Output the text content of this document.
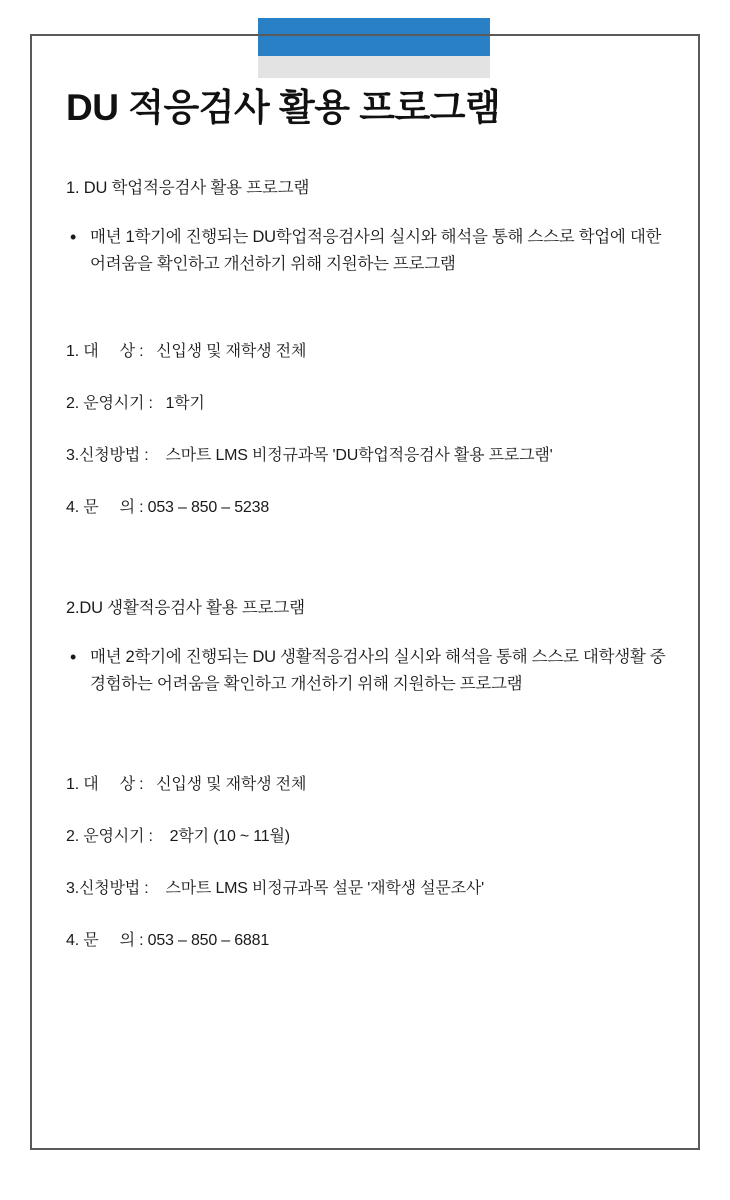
DU 적응검사 활용 프로그램

1. DU 학업적응검사 활용 프로그램

• 매년 1학기에 진행되는 DU학업적응검사의 실시와 해석을 통해 스스로 학업에 대한 어려움을 확인하고 개선하기 위해 지원하는 프로그램
1. 대     상 :   신입생 및 재학생 전체
2. 운영시기 :   1학기
3.신청방법 :    스마트 LMS 비정규과목 'DU학업적응검사 활용 프로그램'
4. 문     의 : 053 – 850 – 5238

2.DU 생활적응검사 활용 프로그램

• 매년 2학기에 진행되는 DU 생활적응검사의 실시와 해석을 통해 스스로 대학생활 중 경험하는 어려움을 확인하고 개선하기 위해 지원하는 프로그램
1. 대     상 :   신입생 및 재학생 전체
2. 운영시기 :    2학기 (10 ~ 11월)
3.신청방법 :    스마트 LMS 비정규과목 설문 '재학생 설문조사'
4. 문     의 : 053 – 850 – 6881
